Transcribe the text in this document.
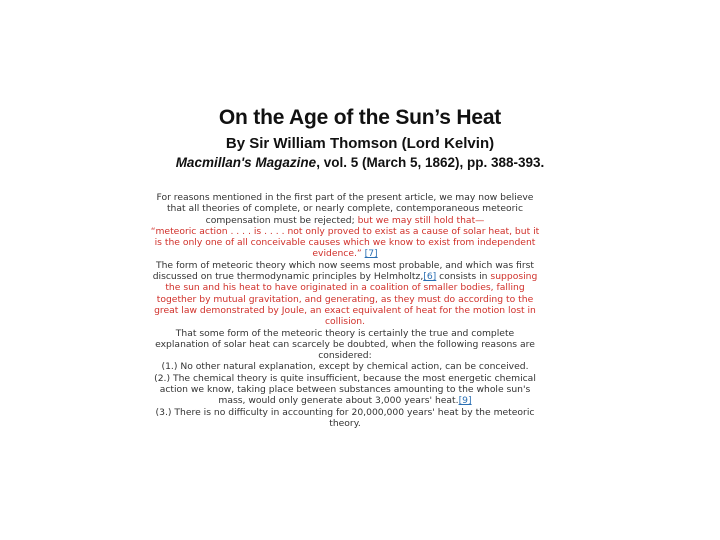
On the Age of the Sun’s Heat
By Sir William Thomson (Lord Kelvin)
Macmillan's Magazine, vol. 5 (March 5, 1862), pp. 388-393.

For reasons mentioned in the first part of the present article, we may now believe that all theories of complete, or nearly complete, contemporaneous meteoric compensation must be rejected; but we may still hold that—

“meteoric action . . . . is . . . . not only proved to exist as a cause of solar heat, but it is the only one of all conceivable causes which we know to exist from independent evidence.” [7]

The form of meteoric theory which now seems most probable, and which was first discussed on true thermodynamic principles by Helmholtz,[6] consists in supposing the sun and his heat to have originated in a coalition of smaller bodies, falling together by mutual gravitation, and generating, as they must do according to the great law demonstrated by Joule, an exact equivalent of heat for the motion lost in collision.

That some form of the meteoric theory is certainly the true and complete explanation of solar heat can scarcely be doubted, when the following reasons are considered:

(1.) No other natural explanation, except by chemical action, can be conceived.

(2.) The chemical theory is quite insufficient, because the most energetic chemical action we know, taking place between substances amounting to the whole sun's mass, would only generate about 3,000 years' heat.[9]

(3.) There is no difficulty in accounting for 20,000,000 years' heat by the meteoric theory.
